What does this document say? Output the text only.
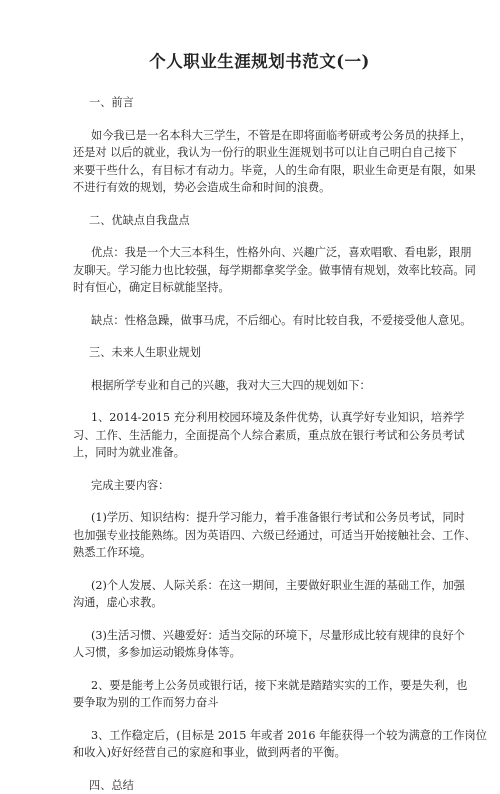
个人职业生涯规划书范文(一)
一、前言
如今我已是一名本科大三学生，不管是在即将面临考研或考公务员的抉择上，
还是对 以后的就业，我认为一份行的职业生涯规划书可以让自己明白自己接下
来要干些什么，有目标才有动力。毕竟，人的生命有限，职业生命更是有限，如果
不进行有效的规划，势必会造成生命和时间的浪费。
二、优缺点自我盘点
优点：我是一个大三本科生，性格外向、兴趣广泛，喜欢唱歌、看电影，跟朋
友聊天。学习能力也比较强，每学期都拿奖学金。做事情有规划，效率比较高。同
时有恒心，确定目标就能坚持。
缺点：性格急躁，做事马虎，不后细心。有时比较自我，不爱接受他人意见。
三、未来人生职业规划
根据所学专业和自己的兴趣，我对大三大四的规划如下：
1、2014-2015 充分利用校园环境及条件优势，认真学好专业知识，培养学
习、工作、生活能力，全面提高个人综合素质，重点放在银行考试和公务员考试
上，同时为就业准备。
完成主要内容：
(1)学历、知识结构：提升学习能力，着手准备银行考试和公务员考试，同时
也加强专业技能熟练。因为英语四、六级已经通过，可适当开始接触社会、工作、
熟悉工作环境。
(2)个人发展、人际关系：在这一期间，主要做好职业生涯的基础工作，加强
沟通，虚心求教。
(3)生活习惯、兴趣爱好：适当交际的环境下，尽量形成比较有规律的良好个
人习惯，多参加运动锻炼身体等。
2、要是能考上公务员或银行话，接下来就是踏踏实实的工作，要是失利，也
要争取为别的工作而努力奋斗
3、工作稳定后，(目标是 2015 年或者 2016 年能获得一个较为满意的工作岗位
和收入)好好经营自己的家庭和事业，做到两者的平衡。
四、总结
